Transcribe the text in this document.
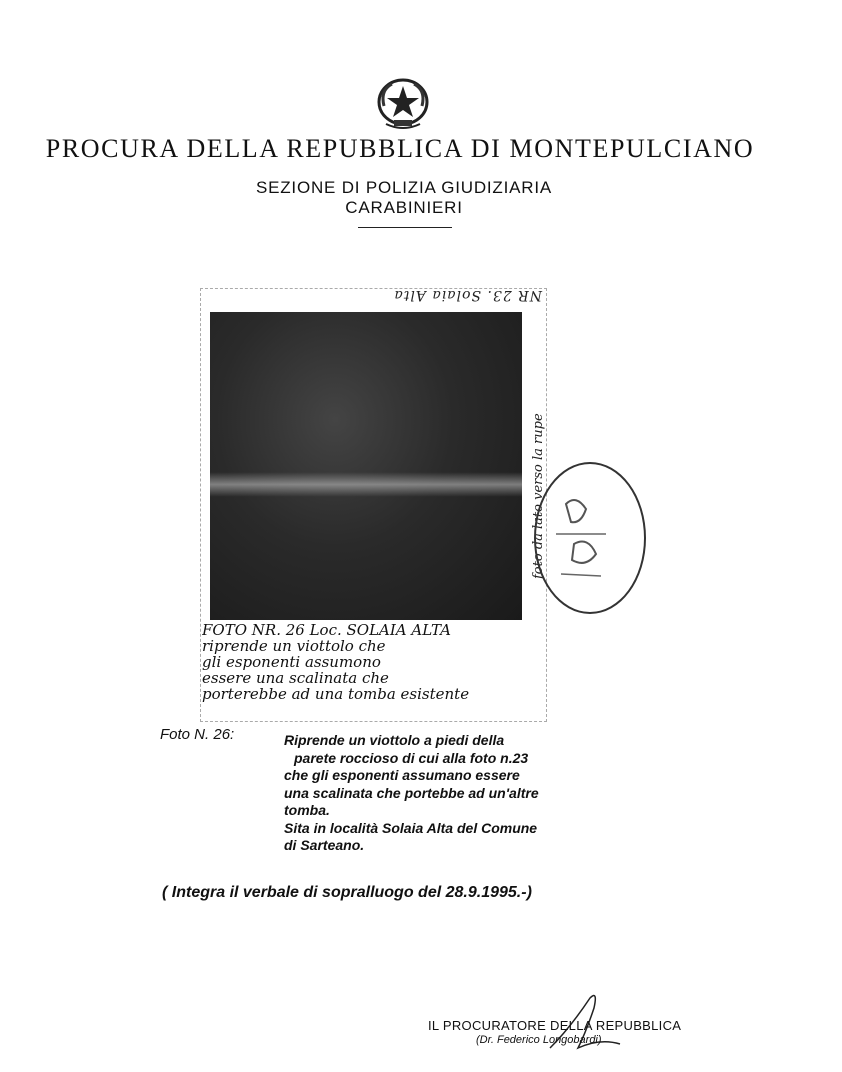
PROCURA DELLA REPUBBLICA DI MONTEPULCIANO
SEZIONE DI POLIZIA GIUDIZIARIA
CARABINIERI
NR 23. Solaia Alta
foto da lato verso la rupe
FOTO NR. 26 Loc. SOLAIA ALTA
riprende un viottolo che
gli esponenti assumono
essere una scalinata che
porterebbe ad una tomba esistente
Foto N. 26:	Riprende un viottolo a piedi della
parete roccioso di cui alla foto n.23
che gli esponenti assumano essere
una scalinata che portebbe ad un'altre
tomba.
Sita in località Solaia Alta del Comune
di Sarteano.
( Integra il verbale di sopralluogo del 28.9.1995.-)
IL PROCURATORE DELLA REPUBBLICA
(Dr. Federico Longobardi)
